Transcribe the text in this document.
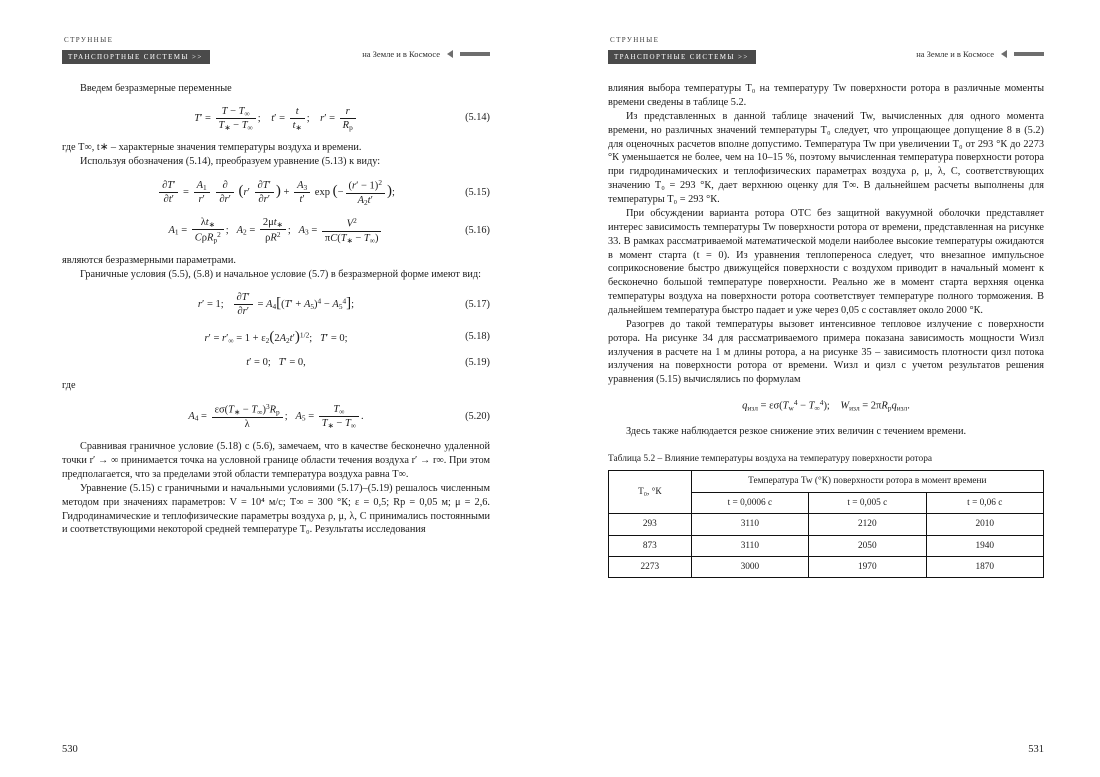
СТРУННЫЕ
ТРАНСПОРТНЫЕ СИСТЕМЫ >>	на Земле и в Космосе

Введем безразмерные переменные

$T' = \frac{T - T_\infty}{T_∗ - T_\infty}$ ;    $t' = \frac{t}{t_∗}$ ;    $r' = \frac{r}{R_р}$	(5.14)

где T∞, t∗ – характерные значения температуры воздуха и времени.

Используя обозначения (5.14), преобразуем уравнение (5.13) к виду:

$\frac{\partial T'}{\partial t'} = \frac{A_1}{r'}$
$\frac{\partial}{\partial r'} (r' \frac{\partial T'}{\partial r'}$ ) + $\frac{A_3}{t'}$ exp (− $\frac{(r' - 1)^2}{A_2t'}$ );	(5.15)
$A_1 = \frac{\lambda t_∗}{C\rho R_р^2}$ ;   $A_2 = \frac{2\mu t_∗}{\rho R^2}$ ;   $A_3 = \frac{V^2}{\pi C(T_∗ - T_\infty)}$	(5.16)

являются безразмерными параметрами.

Граничные условия (5.5), (5.8) и начальное условие (5.7) в безразмерной форме имеют вид:

r′ = 1; $\frac{\partial T'}{\partial r'} = A_4[(T' + A_5)^4 - A_5^4]$;	(5.17)
$r' = r'_\infty = 1 + \varepsilon_2(2A_2t')^{1/2}$;   T′ = 0;	(5.18)
t′ = 0;   T′ = 0,	(5.19)

где

$A_4 = \frac{\varepsilon\sigma(T_∗ - T_\infty)^3R_р}{\lambda}$ ;   $A_5 = \frac{T_\infty}{T_∗ - T_\infty}$ .	(5.20)

Сравнивая граничное условие (5.18) с (5.6), замечаем, что в качестве бесконечно удаленной точки r′ → ∞ принимается точка на условной границе области течения воздуха r′ → r∞. При этом предполагается, что за пределами этой области температура воздуха равна T∞.

Уравнение (5.15) с граничными и начальными условиями (5.17)–(5.19) решалось численным методом при значениях параметров: V = 10⁴ м/с; T∞ = 300 °К; ε = 0,5; Rр = 0,05 м; μ = 2,6. Гидродинамические и теплофизические параметры воздуха ρ, μ, λ, C принимались постоянными и соответствующими некоторой средней температуре T₀. Результаты исследования

530
СТРУННЫЕ
ТРАНСПОРТНЫЕ СИСТЕМЫ >>	на Земле и в Космосе

влияния выбора температуры T₀ на температуру Tw поверхности ротора в различные моменты времени сведены в таблице 5.2.

Из представленных в данной таблице значений Tw, вычисленных для одного момента времени, но различных значений температуры T₀ следует, что упрощающее допущение 8 в (5.2) для оценочных расчетов вполне допустимо. Температура Tw при увеличении T₀ от 293 °К до 2273 °К уменьшается не более, чем на 10–15 %, поэтому вычисленная температура поверхности ротора при гидродинамических и теплофизических параметрах воздуха ρ, μ, λ, C, соответствующих значению T₀ = 293 °К, дает верхнюю оценку для T∞. В дальнейшем расчеты выполнены для температуры T₀ = 293 °К.

При обсуждении варианта ротора ОТС без защитной вакуумной оболочки представляет интерес зависимость температуры Tw поверхности ротора от времени, представленная на рисунке 33. В рамках рассматриваемой математической модели наиболее высокие температуры ожидаются в момент старта (t = 0). Из уравнения теплопереноса следует, что внезапное импульсное соприкосновение быстро движущейся поверхности с воздухом приводит в начальный момент к бесконечно большой температуре поверхности. Реально же в момент старта верхняя оценка температуры воздуха на поверхности ротора соответствует температуре полного торможения. В дальнейшем температура быстро падает и уже через 0,05 с составляет около 2000 °К.

Разогрев до такой температуры вызовет интенсивное тепловое излучение с поверхности ротора. На рисунке 34 для рассматриваемого примера показана зависимость мощности Wизл излучения в расчете на 1 м длины ротора, а на рисунке 35 – зависимость плотности qизл потока излучения на поверхности ротора от времени. Wизл и qизл с учетом результатов решения уравнения (5.15) вычислялись по формулам

$q_{изл} = \varepsilon\sigma(T_w^4 - T_\infty^4)$;    $W_{изл} = 2\pi R_рq_{изл}$.

Здесь также наблюдается резкое снижение этих величин с течением времени.

Таблица 5.2 – Влияние температуры воздуха на температуру поверхности ротора
T₀, °К	Температура Tw (°К) поверхности ротора в момент времени		
	t = 0,0006 с	t = 0,005 с	t = 0,06 с
293	3110	2120	2010
873	3110	2050	1940
2273	3000	1970	1870
531
